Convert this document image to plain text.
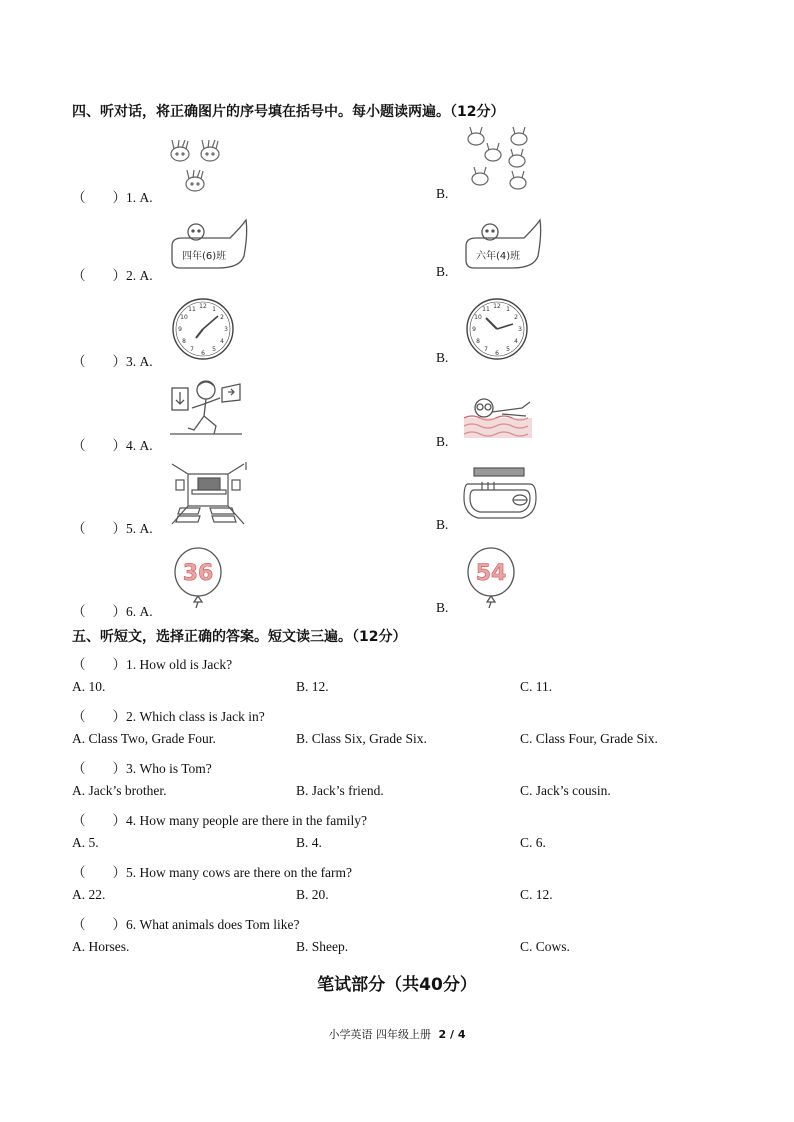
四、听对话，将正确图片的序号填在括号中。每小题读两遍。（12分）
（　　）1. A.	B.
（　　）2. A.	B.
四年(6)班	六年(4)班
（　　）3. A.	B.
12
3
6
9
1
2
4
5
7
8
10
11	12
3
6
9
1
2
4
5
7
8
10
11
（　　）4. A.	B.
（　　）5. A.	B.
（　　）6. A.	B.
36	54
五、听短文，选择正确的答案。短文读三遍。（12分）
（　　）1. How old is Jack?
A. 10.	B. 12.	C. 11.
（　　）2. Which class is Jack in?
A. Class Two, Grade Four.	B. Class Six, Grade Six.	C. Class Four, Grade Six.
（　　）3. Who is Tom?
A. Jack’s brother.	B. Jack’s friend.	C. Jack’s cousin.
（　　）4. How many people are there in the family?
A. 5.	B. 4.	C. 6.
（　　）5. How many cows are there on the farm?
A. 22.	B. 20.	C. 12.
（　　）6. What animals does Tom like?
A. Horses.	B. Sheep.	C. Cows.
笔试部分（共40分）
小学英语 四年级上册 2 / 4
